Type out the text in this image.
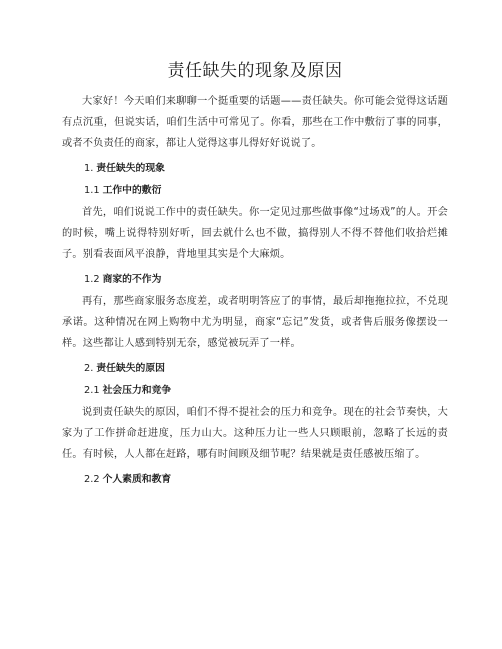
责任缺失的现象及原因

大家好！今天咱们来聊聊一个挺重要的话题——责任缺失。你可能会觉得这话题有点沉重，但说实话，咱们生活中可常见了。你看，那些在工作中敷衍了事的同事，或者不负责任的商家，都让人觉得这事儿得好好说说了。

1. 责任缺失的现象
1.1 工作中的敷衍

首先，咱们说说工作中的责任缺失。你一定见过那些做事像“过场戏”的人。开会的时候，嘴上说得特别好听，回去就什么也不做，搞得别人不得不替他们收拾烂摊子。别看表面风平浪静，背地里其实是个大麻烦。

1.2 商家的不作为

再有，那些商家服务态度差，或者明明答应了的事情，最后却拖拖拉拉，不兑现承诺。这种情况在网上购物中尤为明显，商家“忘记”发货，或者售后服务像摆设一样。这些都让人感到特别无奈，感觉被玩弄了一样。

2. 责任缺失的原因
2.1 社会压力和竞争

说到责任缺失的原因，咱们不得不提社会的压力和竞争。现在的社会节奏快，大家为了工作拼命赶进度，压力山大。这种压力让一些人只顾眼前，忽略了长远的责任。有时候，人人都在赶路，哪有时间顾及细节呢？结果就是责任感被压缩了。

2.2 个人素质和教育
